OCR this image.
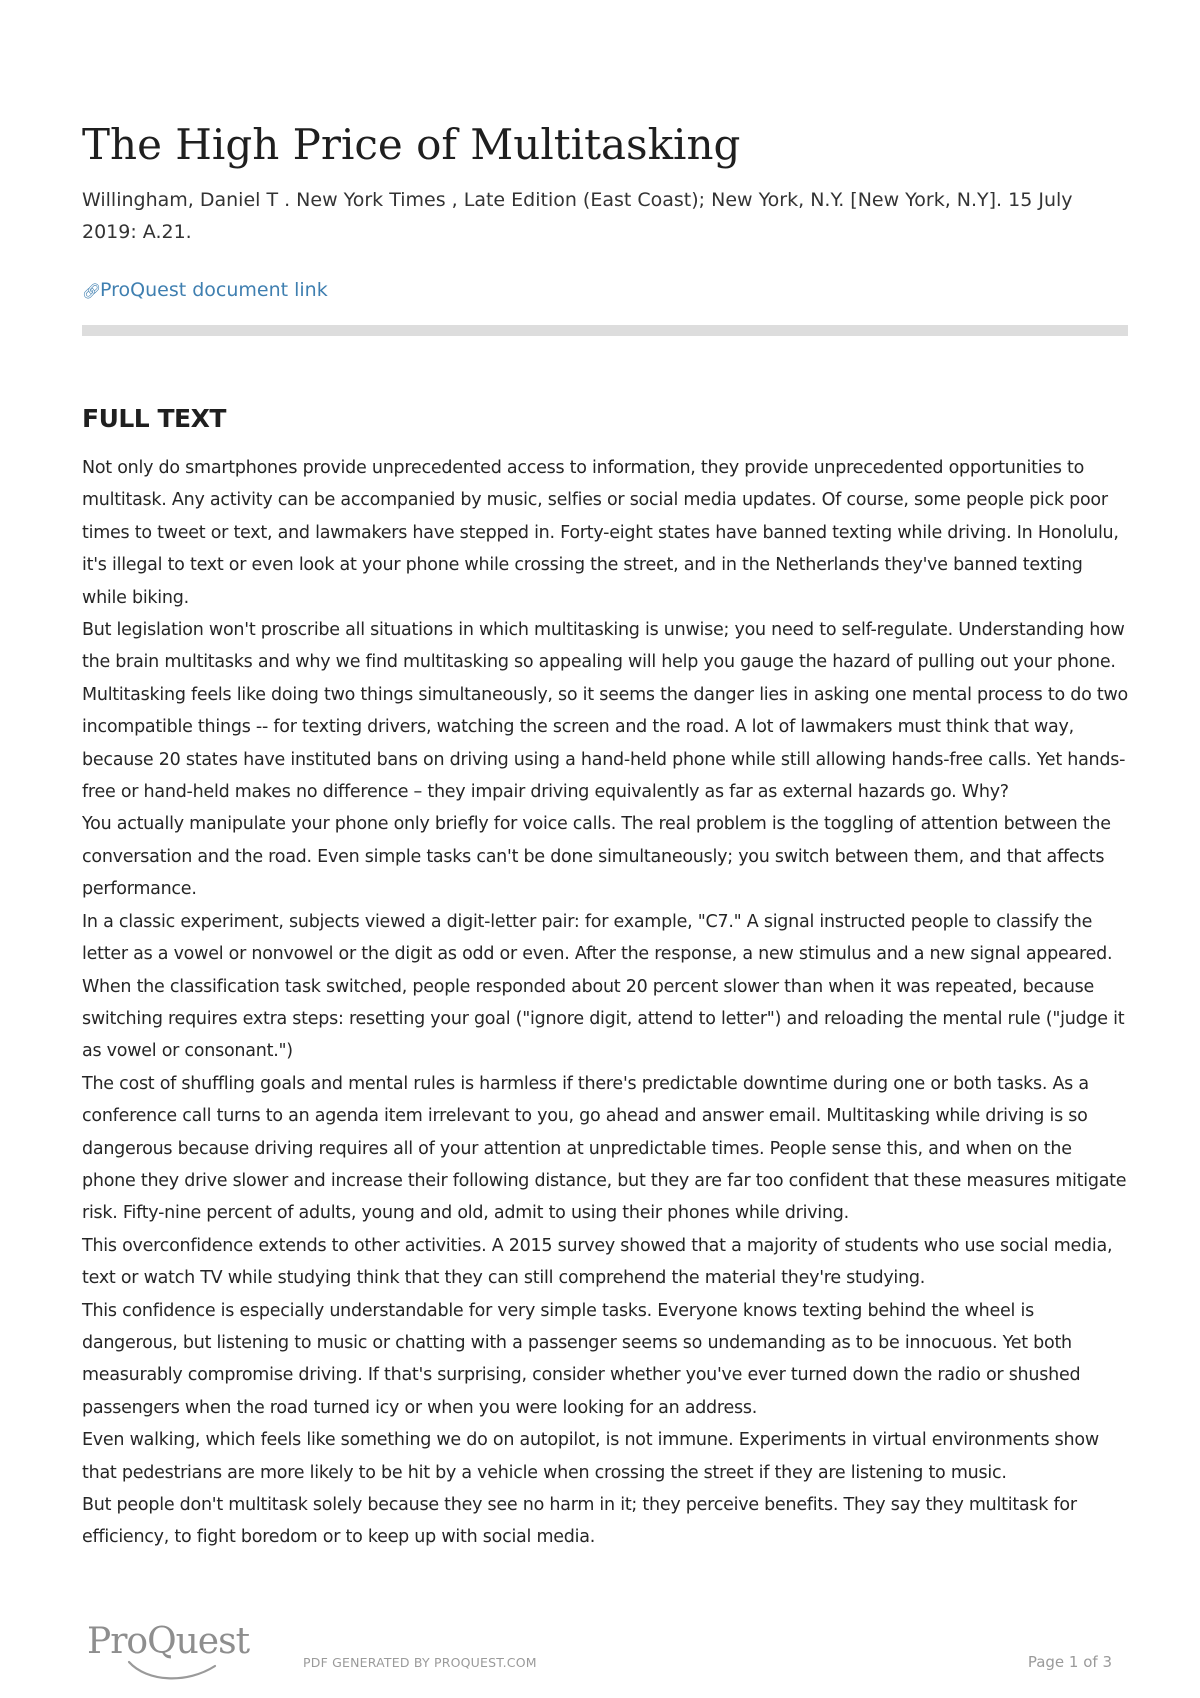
The High Price of Multitasking

Willingham, Daniel T . New York Times , Late Edition (East Coast); New York, N.Y. [New York, N.Y]. 15 July 2019: A.21.

🔗︎ProQuest document link
FULL TEXT

Not only do smartphones provide unprecedented access to information, they provide unprecedented opportunities to multitask. Any activity can be accompanied by music, selfies or social media updates. Of course, some people pick poor times to tweet or text, and lawmakers have stepped in. Forty-eight states have banned texting while driving. In Honolulu, it's illegal to text or even look at your phone while crossing the street, and in the Netherlands they've banned texting while biking.

But legislation won't proscribe all situations in which multitasking is unwise; you need to self-regulate. Understanding how the brain multitasks and why we find multitasking so appealing will help you gauge the hazard of pulling out your phone.

Multitasking feels like doing two things simultaneously, so it seems the danger lies in asking one mental process to do two incompatible things -- for texting drivers, watching the screen and the road. A lot of lawmakers must think that way, because 20 states have instituted bans on driving using a hand-held phone while still allowing hands-free calls. Yet hands-free or hand-held makes no difference – they impair driving equivalently as far as external hazards go. Why?

You actually manipulate your phone only briefly for voice calls. The real problem is the toggling of attention between the conversation and the road. Even simple tasks can't be done simultaneously; you switch between them, and that affects performance.

In a classic experiment, subjects viewed a digit-letter pair: for example, "C7." A signal instructed people to classify the letter as a vowel or nonvowel or the digit as odd or even. After the response, a new stimulus and a new signal appeared. When the classification task switched, people responded about 20 percent slower than when it was repeated, because switching requires extra steps: resetting your goal ("ignore digit, attend to letter") and reloading the mental rule ("judge it as vowel or consonant.")

The cost of shuffling goals and mental rules is harmless if there's predictable downtime during one or both tasks. As a conference call turns to an agenda item irrelevant to you, go ahead and answer email. Multitasking while driving is so dangerous because driving requires all of your attention at unpredictable times. People sense this, and when on the phone they drive slower and increase their following distance, but they are far too confident that these measures mitigate risk. Fifty-nine percent of adults, young and old, admit to using their phones while driving.

This overconfidence extends to other activities. A 2015 survey showed that a majority of students who use social media, text or watch TV while studying think that they can still comprehend the material they're studying.

This confidence is especially understandable for very simple tasks. Everyone knows texting behind the wheel is dangerous, but listening to music or chatting with a passenger seems so undemanding as to be innocuous. Yet both measurably compromise driving. If that's surprising, consider whether you've ever turned down the radio or shushed passengers when the road turned icy or when you were looking for an address.

Even walking, which feels like something we do on autopilot, is not immune. Experiments in virtual environments show that pedestrians are more likely to be hit by a vehicle when crossing the street if they are listening to music.

But people don't multitask solely because they see no harm in it; they perceive benefits. They say they multitask for efficiency, to fight boredom or to keep up with social media.

ProQuest
PDF GENERATED BY PROQUEST.COM	Page 1 of 3
